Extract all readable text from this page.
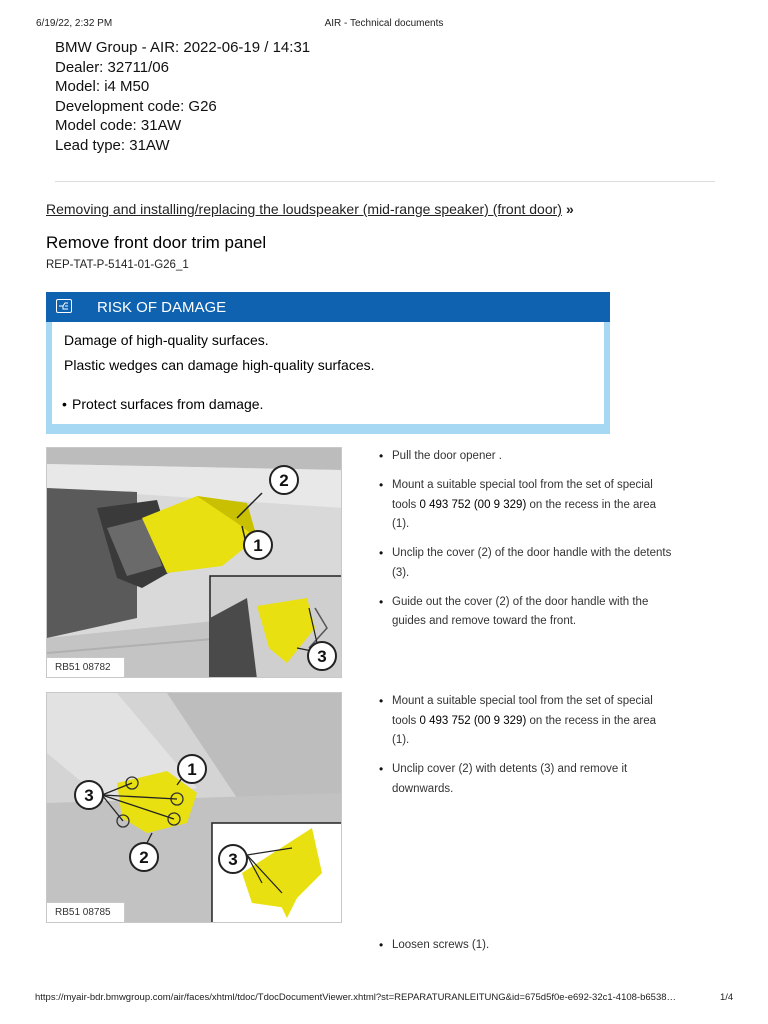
6/19/22, 2:32 PM	AIR - Technical documents
BMW Group - AIR: 2022-06-19 / 14:31
Dealer: 32711/06
Model: i4 M50
Development code: G26
Model code: 31AW
Lead type: 31AW
Removing and installing/replacing the loudspeaker (mid-range speaker) (front door) »
Remove front door trim panel
REP-TAT-P-5141-01-G26_1
RISK OF DAMAGE
Damage of high-quality surfaces.
Plastic wedges can damage high-quality surfaces.
• Protect surfaces from damage.
2
1
3
RB51 08782
• Pull the door opener .
• Mount a suitable special tool from the set of special tools 0 493 752 (00 9 329) on the recess in the area (1).
• Unclip the cover (2) of the door handle with the detents (3).
• Guide out the cover (2) of the door handle with the guides and remove toward the front.
3
1
2	3
RB51 08785
• Mount a suitable special tool from the set of special tools 0 493 752 (00 9 329) on the recess in the area (1).
• Unclip cover (2) with detents (3) and remove it downwards.
• Loosen screws (1).
https://myair-bdr.bmwgroup.com/air/faces/xhtml/tdoc/TdocDocumentViewer.xhtml?st=REPARATURANLEITUNG&id=675d5f0e-e692-32c1-4108-b6538…	1/4
